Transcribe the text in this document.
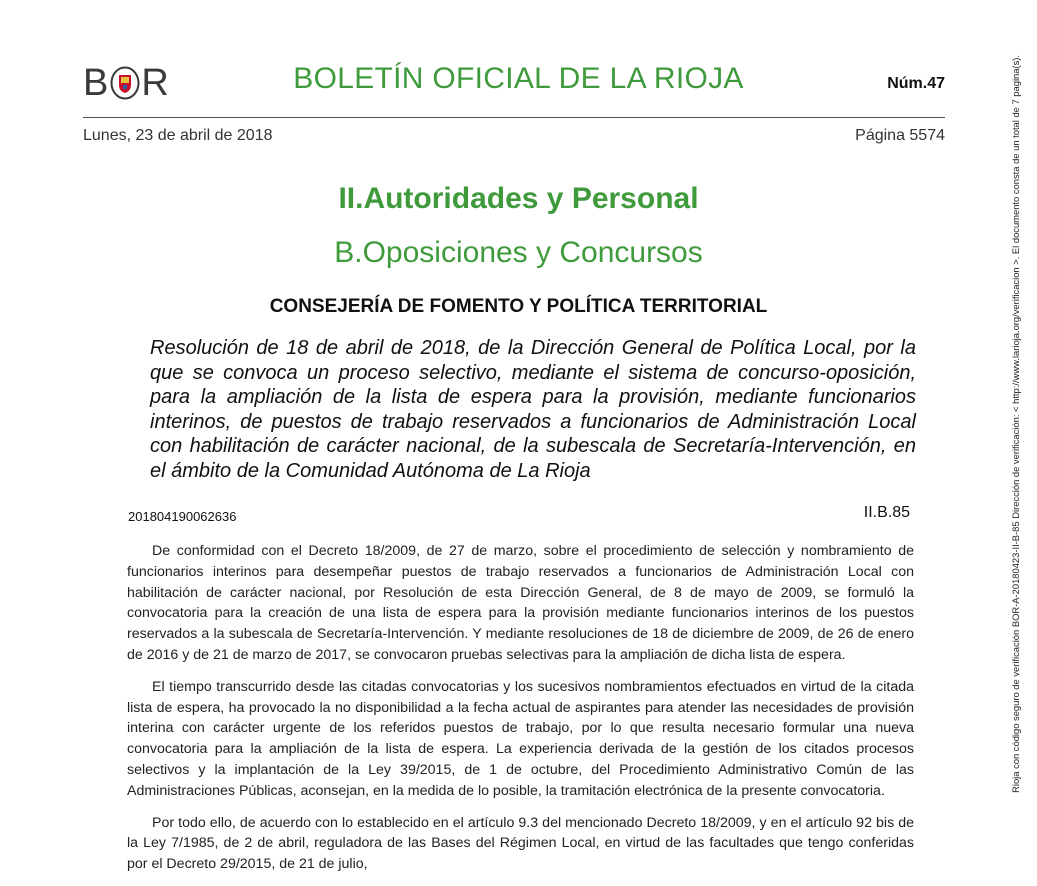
B R	BOLETÍN OFICIAL DE LA RIOJA	Núm.47
Lunes, 23 de abril de 2018	Página 5574
II.Autoridades y Personal
B.Oposiciones y Concursos
CONSEJERÍA DE FOMENTO Y POLÍTICA TERRITORIAL
Resolución de 18 de abril de 2018, de la Dirección General de Política Local, por la que se convoca un proceso selectivo, mediante el sistema de concurso-oposición, para la ampliación de la lista de espera para la provisión, mediante funcionarios interinos, de puestos de trabajo reservados a funcionarios de Administración Local con habilitación de carácter nacional, de la subescala de Secretaría-Intervención, en el ámbito de la Comunidad Autónoma de La Rioja
201804190062636	II.B.85

De conformidad con el Decreto 18/2009, de 27 de marzo, sobre el procedimiento de selección y nombramiento de funcionarios interinos para desempeñar puestos de trabajo reservados a funcionarios de Administración Local con habilitación de carácter nacional, por Resolución de esta Dirección General, de 8 de mayo de 2009, se formuló la convocatoria para la creación de una lista de espera para la provisión mediante funcionarios interinos de los puestos reservados a la subescala de Secretaría-Intervención. Y mediante resoluciones de 18 de diciembre de 2009, de 26 de enero de 2016 y de 21 de marzo de 2017, se convocaron pruebas selectivas para la ampliación de dicha lista de espera.

El tiempo transcurrido desde las citadas convocatorias y los sucesivos nombramientos efectuados en virtud de la citada lista de espera, ha provocado la no disponibilidad a la fecha actual de aspirantes para atender las necesidades de provisión interina con carácter urgente de los referidos puestos de trabajo, por lo que resulta necesario formular una nueva convocatoria para la ampliación de la lista de espera. La experiencia derivada de la gestión de los citados procesos selectivos y la implantación de la Ley 39/2015, de 1 de octubre, del Procedimiento Administrativo Común de las Administraciones Públicas, aconsejan, en la medida de lo posible, la tramitación electrónica de la presente convocatoria.

Por todo ello, de acuerdo con lo establecido en el artículo 9.3 del mencionado Decreto 18/2009, y en el artículo 92 bis de la Ley 7/1985, de 2 de abril, reguladora de las Bases del Régimen Local, en virtud de las facultades que tengo conferidas por el Decreto 29/2015, de 21 de julio,

Rioja con código seguro de verificación BOR-A-20180423-II-B-85 Dirección de verificación: < http://www.larioja.org/verificacion >. El documento consta de un total de 7 pagina(s).
